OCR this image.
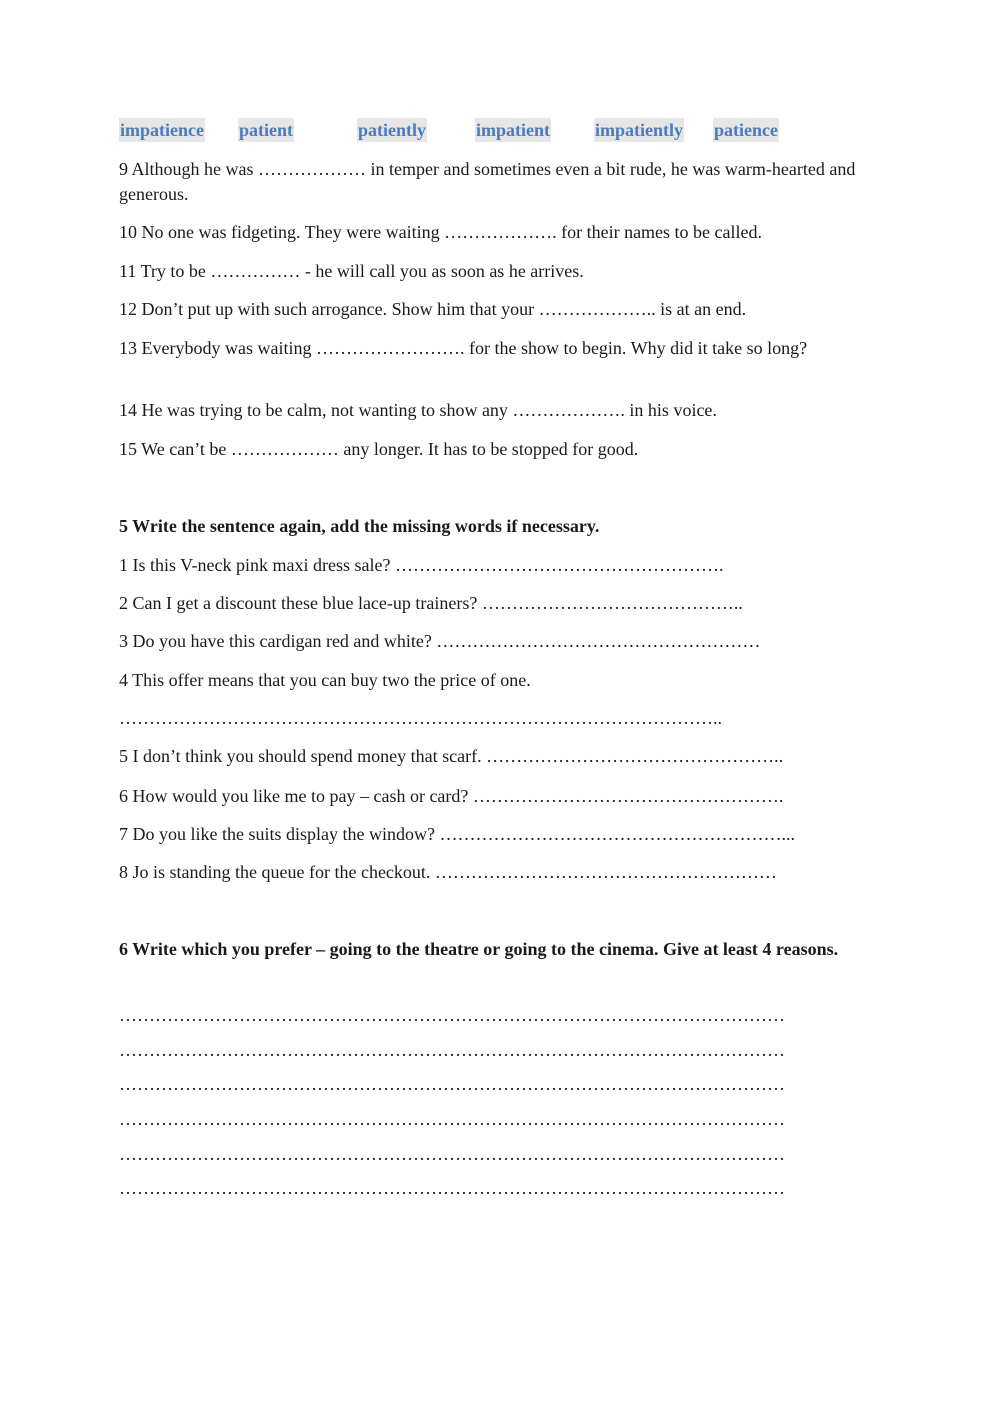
impatience patient	patiently	impatient	impatiently patience
9 Although he was ……………… in temper and sometimes even a bit rude, he was warm-hearted and generous.
10 No one was fidgeting. They were waiting ………………. for their names to be called.
11 Try to be …………… - he will call you as soon as he arrives.
12 Don’t put up with such arrogance. Show him that your ……………….. is at an end.
13 Everybody was waiting ……………………. for the show to begin. Why did it take so long?
14 He was trying to be calm, not wanting to show any ………………. in his voice.
15 We can’t be ……………… any longer. It has to be stopped for good.
5 Write the sentence again, add the missing words if necessary.
1 Is this V-neck pink maxi dress sale? ……………………………………………….
2 Can I get a discount these blue lace-up trainers? ……………………………………..
3 Do you have this cardigan red and white? ………………………………………………
4 This offer means that you can buy two the price of one.
………………………………………………………………………………………..
5 I don’t think you should spend money that scarf. …………………………………………..
6 How would you like me to pay – cash or card? …………………………………………….
7 Do you like the suits display the window? …………………………………………………...
8 Jo is standing the queue for the checkout. …………………………………………………
6 Write which you prefer – going to the theatre or going to the cinema. Give at least 4 reasons.
…………………………………………………………………………………………………
…………………………………………………………………………………………………
…………………………………………………………………………………………………
…………………………………………………………………………………………………
…………………………………………………………………………………………………
…………………………………………………………………………………………………
